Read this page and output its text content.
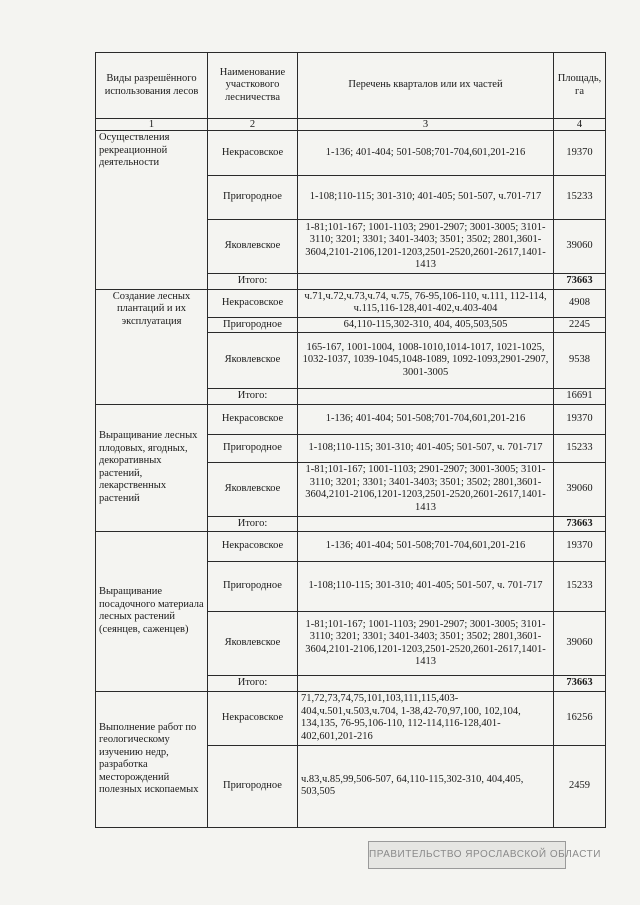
Виды разрешённого использования лесов	Наименование участкового лесничества	Перечень кварталов или их частей	Площадь, га
1	2	3	4
Осуществления рекреационной деятельности	Некрасовское	1-136; 401-404; 501-508;701-704,601,201-216	19370
	Пригородное	1-108;110-115; 301-310; 401-405; 501-507, ч.701-717	15233
	Яковлевское	1-81;101-167; 1001-1103; 2901-2907; 3001-3005; 3101-3110; 3201; 3301; 3401-3403; 3501; 3502; 2801,3601-3604,2101-2106,1201-1203,2501-2520,2601-2617,1401-1413	39060
	Итого:		73663
Создание лесных плантаций и их эксплуатация	Некрасовское	ч.71,ч.72,ч.73,ч.74, ч.75, 76-95,106-110, ч.111, 112-114, ч.115,116-128,401-402,ч.403-404	4908
	Пригородное	64,110-115,302-310, 404, 405,503,505	2245
	Яковлевское	165-167, 1001-1004, 1008-1010,1014-1017, 1021-1025, 1032-1037, 1039-1045,1048-1089, 1092-1093,2901-2907, 3001-3005	9538
	Итого:		16691
Выращивание лесных плодовых, ягодных, декоративных растений, лекарственных растений	Некрасовское	1-136; 401-404; 501-508;701-704,601,201-216	19370
	Пригородное	1-108;110-115; 301-310; 401-405; 501-507, ч. 701-717	15233
	Яковлевское	1-81;101-167; 1001-1103; 2901-2907; 3001-3005; 3101-3110; 3201; 3301; 3401-3403; 3501; 3502; 2801,3601-3604,2101-2106,1201-1203,2501-2520,2601-2617,1401-1413	39060
	Итого:		73663
Выращивание посадочного материала лесных растений (сеянцев, саженцев)	Некрасовское	1-136; 401-404; 501-508;701-704,601,201-216	19370
	Пригородное	1-108;110-115; 301-310; 401-405; 501-507, ч. 701-717	15233
	Яковлевское	1-81;101-167; 1001-1103; 2901-2907; 3001-3005; 3101-3110; 3201; 3301; 3401-3403; 3501; 3502; 2801,3601-3604,2101-2106,1201-1203,2501-2520,2601-2617,1401-1413	39060
	Итого:		73663
Выполнение работ по геологическому изучению недр, разработка месторождений полезных ископаемых	Некрасовское	71,72,73,74,75,101,103,111,115,403-404,ч.501,ч.503,ч.704, 1-38,42-70,97,100, 102,104, 134,135, 76-95,106-110, 112-114,116-128,401-402,601,201-216	16256
	Пригородное	ч.83,ч.85,99,506-507, 64,110-115,302-310, 404,405, 503,505	2459
ПРАВИТЕЛЬСТВО ЯРОСЛАВСКОЙ ОБЛАСТИ
